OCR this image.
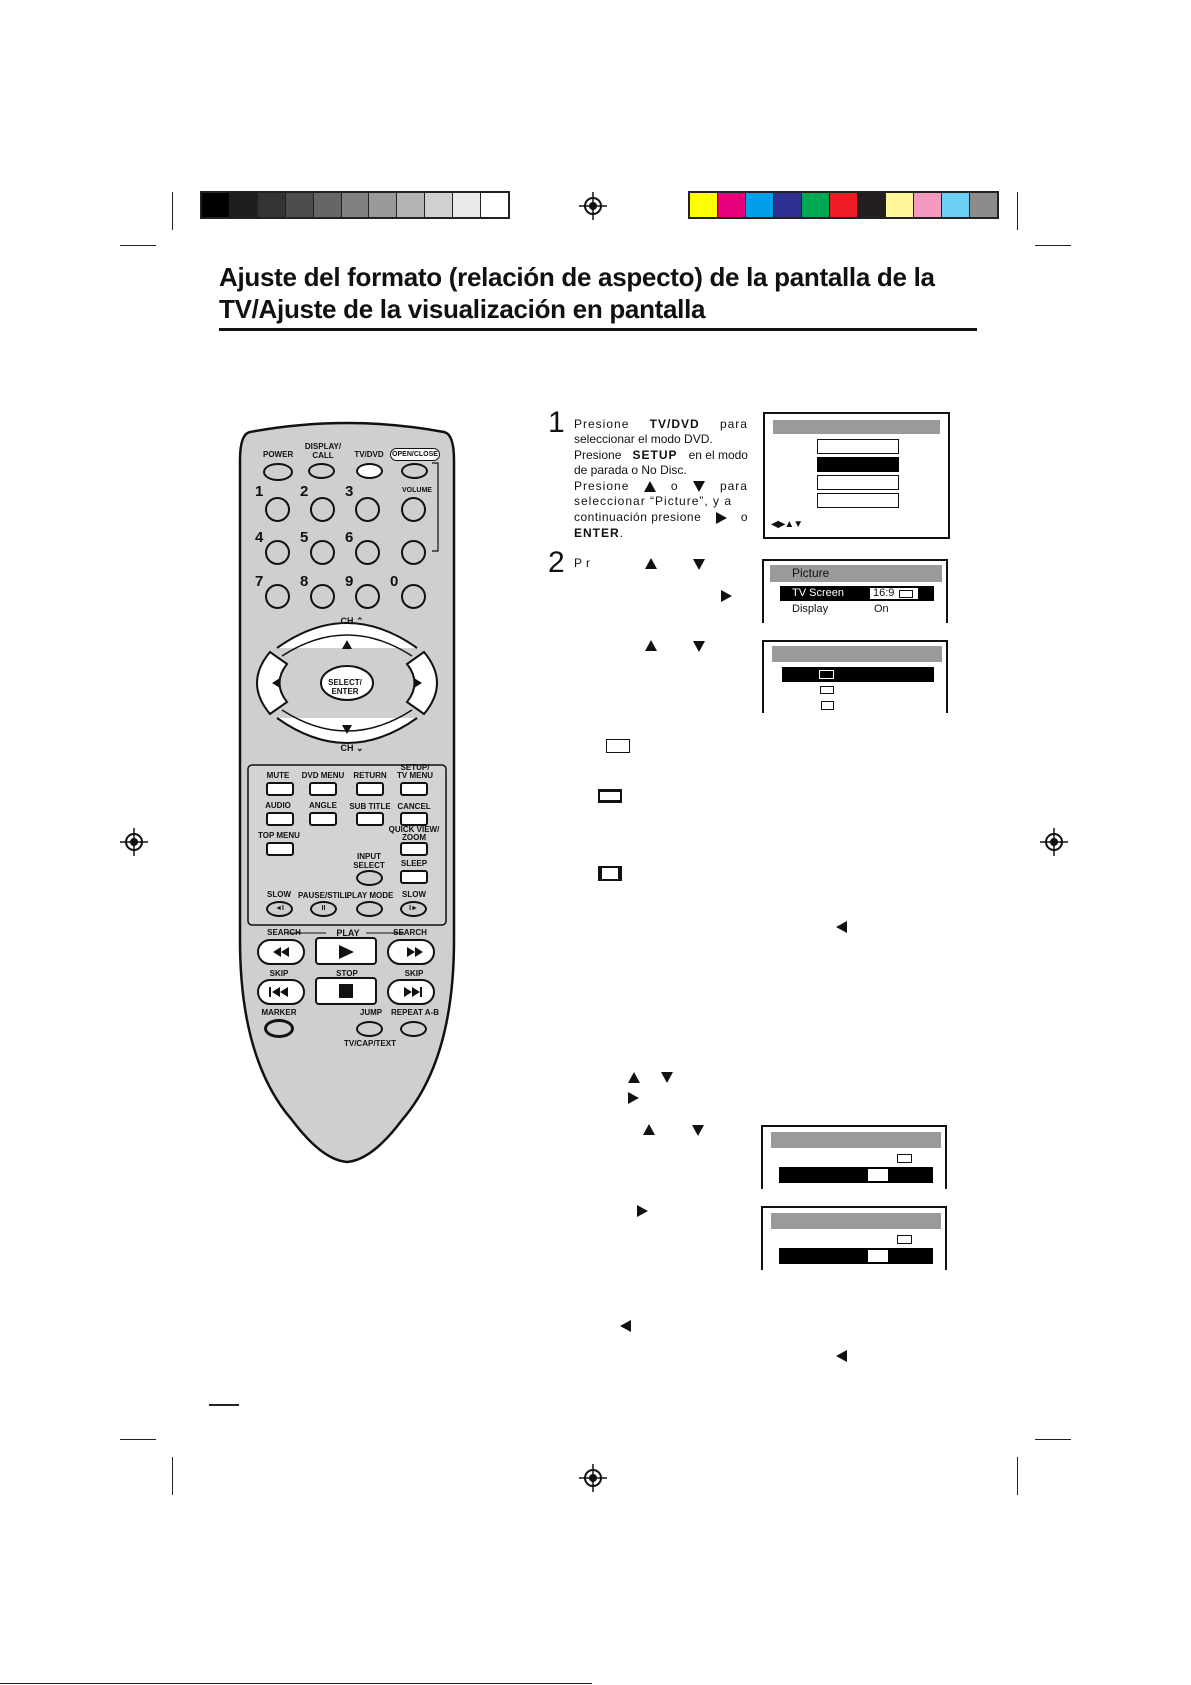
Ajuste del formato (relación de aspecto) de la pantalla de la TV/Ajuste de la visualización en pantalla
POWER
DISPLAY/
CALL	TV/DVD OPEN/CLOSE
VOLUME
1 2 3
4 5 6
7 8 9 0
CH ⌃
CH ⌄
SELECT/
ENTER
MUTE	DVD MENU RETURN
SETUP/
TV MENU
AUDIO	ANGLE	SUB TITLE CANCEL
TOP MENU
QUICK VIEW/
ZOOM
INPUT
SELECT	SLEEP
SLOW PAUSE/STILL
PLAY MODE	SLOW
◄I	II	I►
SEARCH	PLAY	SEARCH
SKIP	STOP	SKIP
MARKER	JUMP	REPEAT A-B
TV/CAP/TEXT
1 Presione TV/DVD para
seleccionar el modo DVD.
Presione SETUP en el modo
de parada o No Disc.
Presione	o	para
seleccionar “Picture”, y a
continuación presione	o
ENTER.
◀▶▲▼
2 Pr
Picture
TV Screen	16:9
Display	On
